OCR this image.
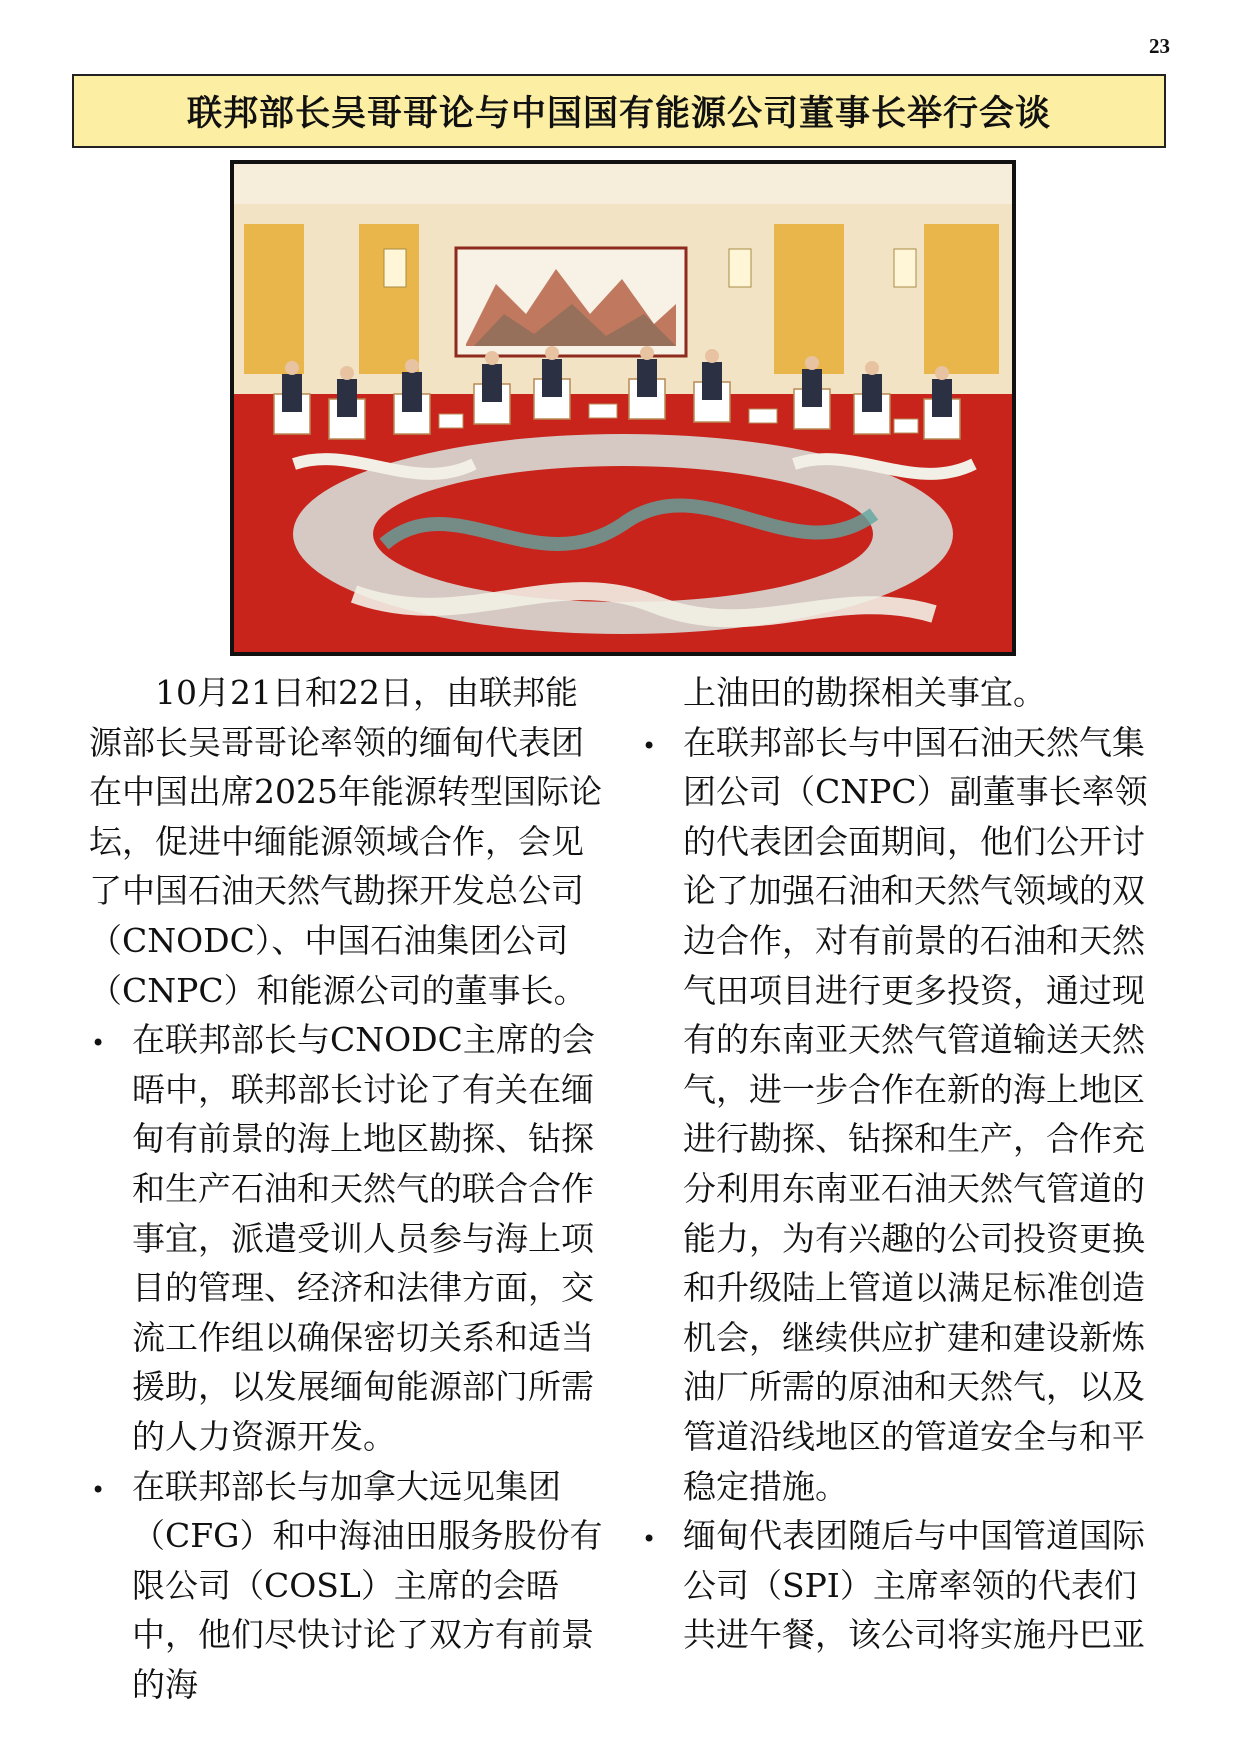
23
联邦部长吴哥哥论与中国国有能源公司董事长举行会谈

10月21日和22日，由联邦能源部长吴哥哥论率领的缅甸代表团在中国出席2025年能源转型国际论坛，促进中缅能源领域合作，会见了中国石油天然气勘探开发总公司（CNODC）、中国石油集团公司（CNPC）和能源公司的董事长。

• 在联邦部长与CNODC主席的会晤中，联邦部长讨论了有关在缅甸有前景的海上地区勘探、钻探和生产石油和天然气的联合合作事宜，派遣受训人员参与海上项目的管理、经济和法律方面，交流工作组以确保密切关系和适当援助，以发展缅甸能源部门所需的人力资源开发。

• 在联邦部长与加拿大远见集团（CFG）和中海油田服务股份有限公司（COSL）主席的会晤中，他们尽快讨论了双方有前景的海

上油田的勘探相关事宜。

• 在联邦部长与中国石油天然气集团公司（CNPC）副董事长率领的代表团会面期间，他们公开讨论了加强石油和天然气领域的双边合作，对有前景的石油和天然气田项目进行更多投资，通过现有的东南亚天然气管道输送天然气，进一步合作在新的海上地区进行勘探、钻探和生产，合作充分利用东南亚石油天然气管道的能力，为有兴趣的公司投资更换和升级陆上管道以满足标准创造机会，继续供应扩建和建设新炼油厂所需的原油和天然气，以及管道沿线地区的管道安全与和平稳定措施。

• 缅甸代表团随后与中国管道国际公司（SPI）主席率领的代表们共进午餐，该公司将实施丹巴亚
